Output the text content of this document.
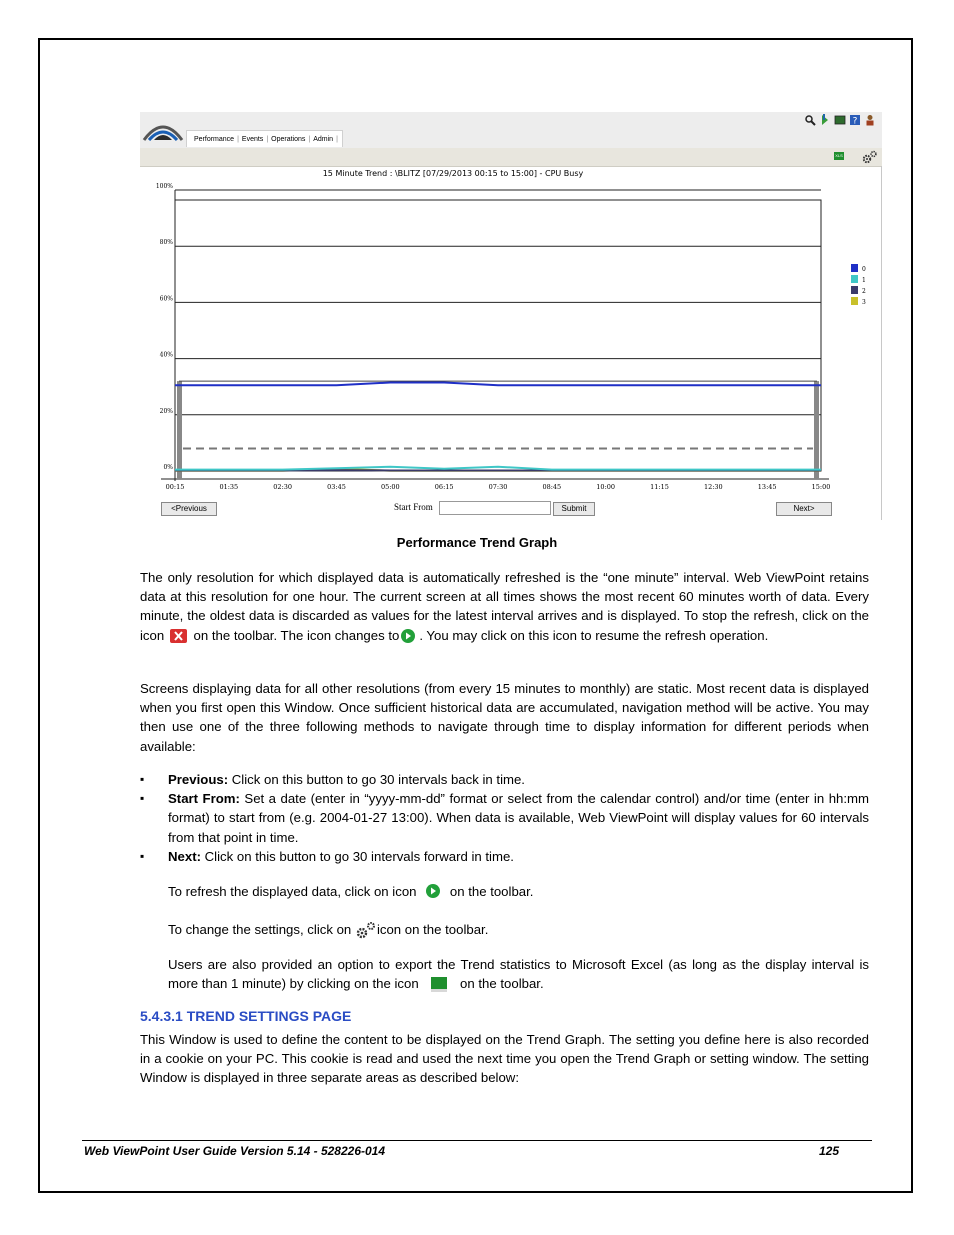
Performance | Events | Operations | Admin |
?
XLS
15 Minute Trend : \BLITZ [07/29/2013 00:15 to 15:00] - CPU Busy
0%
20%
40%
60%
80%
100%
00:15	01:35	02:30	03:45	05:00	06:15	07:30	08:45	10:00	11:15	12:30	13:45	15:00
0
1
2
3
<Previous	Start From	Submit	Next>
Performance Trend Graph

The only resolution for which displayed data is automatically refreshed is the “one minute” interval. Web ViewPoint retains data at this resolution for one hour. The current screen at all times shows the most recent 60 minutes worth of data. Every minute, the oldest data is discarded as values for the latest interval arrives and is displayed. To stop the refresh, click on the icon on the toolbar. The icon changes to . You may click on this icon to resume the refresh operation.

Screens displaying data for all other resolutions (from every 15 minutes to monthly) are static. Most recent data is displayed when you first open this Window. Once sufficient historical data are accumulated, navigation method will be active. You may then use one of the three following methods to navigate through time to display information for different periods when available:

▪ Previous: Click on this button to go 30 intervals back in time.
▪ Start From: Set a date (enter in “yyyy-mm-dd” format or select from the calendar control) and/or time (enter in hh:mm format) to start from (e.g. 2004-01-27 13:00). When data is available, Web ViewPoint will display values for 60 intervals from that point in time.
▪ Next: Click on this button to go 30 intervals forward in time.

To refresh the displayed data, click on icon	on the toolbar.

To change the settings, click on icon on the toolbar.

Users are also provided an option to export the Trend statistics to Microsoft Excel (as long as the display interval is more than 1 minute) by clicking on the icon	on the toolbar.

5.4.3.1 TREND SETTINGS PAGE

This Window is used to define the content to be displayed on the Trend Graph. The setting you define here is also recorded in a cookie on your PC. This cookie is read and used the next time you open the Trend Graph or setting window. The setting Window is displayed in three separate areas as described below:

Web ViewPoint User Guide Version 5.14 - 528226-014	125
